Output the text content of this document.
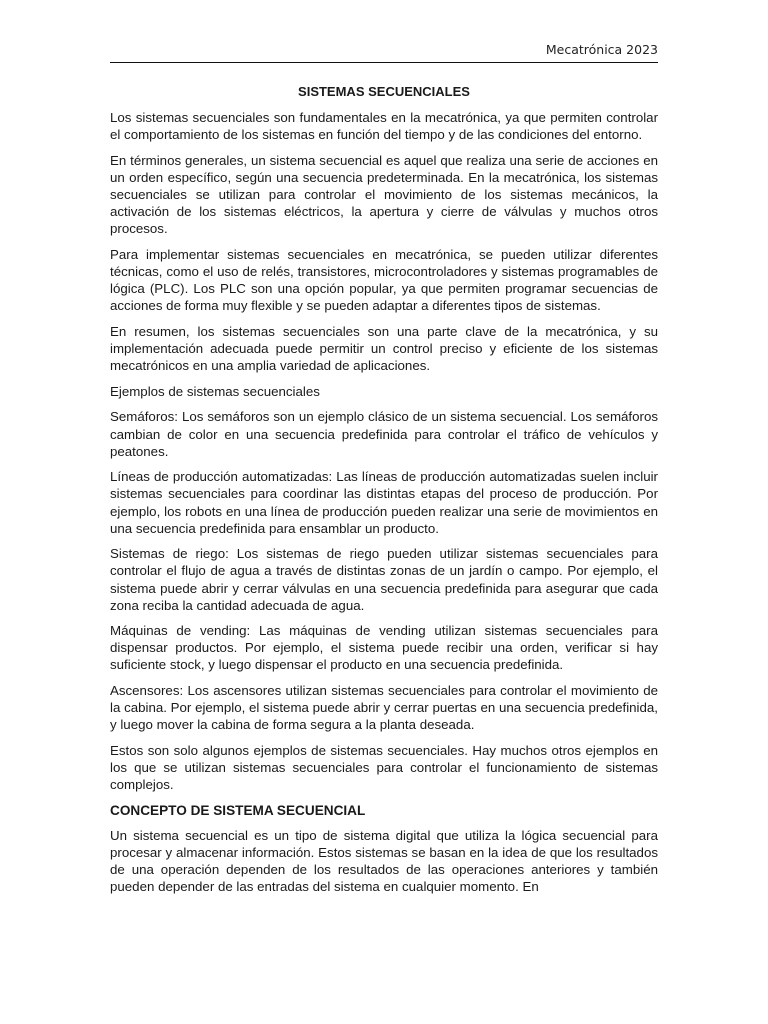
Mecatrónica 2023
SISTEMAS SECUENCIALES

Los sistemas secuenciales son fundamentales en la mecatrónica, ya que permiten controlar el comportamiento de los sistemas en función del tiempo y de las condiciones del entorno.

En términos generales, un sistema secuencial es aquel que realiza una serie de acciones en un orden específico, según una secuencia predeterminada. En la mecatrónica, los sistemas secuenciales se utilizan para controlar el movimiento de los sistemas mecánicos, la activación de los sistemas eléctricos, la apertura y cierre de válvulas y muchos otros procesos.

Para implementar sistemas secuenciales en mecatrónica, se pueden utilizar diferentes técnicas, como el uso de relés, transistores, microcontroladores y sistemas programables de lógica (PLC). Los PLC son una opción popular, ya que permiten programar secuencias de acciones de forma muy flexible y se pueden adaptar a diferentes tipos de sistemas.

En resumen, los sistemas secuenciales son una parte clave de la mecatrónica, y su implementación adecuada puede permitir un control preciso y eficiente de los sistemas mecatrónicos en una amplia variedad de aplicaciones.

Ejemplos de sistemas secuenciales

Semáforos: Los semáforos son un ejemplo clásico de un sistema secuencial. Los semáforos cambian de color en una secuencia predefinida para controlar el tráfico de vehículos y peatones.

Líneas de producción automatizadas: Las líneas de producción automatizadas suelen incluir sistemas secuenciales para coordinar las distintas etapas del proceso de producción. Por ejemplo, los robots en una línea de producción pueden realizar una serie de movimientos en una secuencia predefinida para ensamblar un producto.

Sistemas de riego: Los sistemas de riego pueden utilizar sistemas secuenciales para controlar el flujo de agua a través de distintas zonas de un jardín o campo. Por ejemplo, el sistema puede abrir y cerrar válvulas en una secuencia predefinida para asegurar que cada zona reciba la cantidad adecuada de agua.

Máquinas de vending: Las máquinas de vending utilizan sistemas secuenciales para dispensar productos. Por ejemplo, el sistema puede recibir una orden, verificar si hay suficiente stock, y luego dispensar el producto en una secuencia predefinida.

Ascensores: Los ascensores utilizan sistemas secuenciales para controlar el movimiento de la cabina. Por ejemplo, el sistema puede abrir y cerrar puertas en una secuencia predefinida, y luego mover la cabina de forma segura a la planta deseada.

Estos son solo algunos ejemplos de sistemas secuenciales. Hay muchos otros ejemplos en los que se utilizan sistemas secuenciales para controlar el funcionamiento de sistemas complejos.

CONCEPTO DE SISTEMA SECUENCIAL

Un sistema secuencial es un tipo de sistema digital que utiliza la lógica secuencial para procesar y almacenar información. Estos sistemas se basan en la idea de que los resultados de una operación dependen de los resultados de las operaciones anteriores y también pueden depender de las entradas del sistema en cualquier momento. En
